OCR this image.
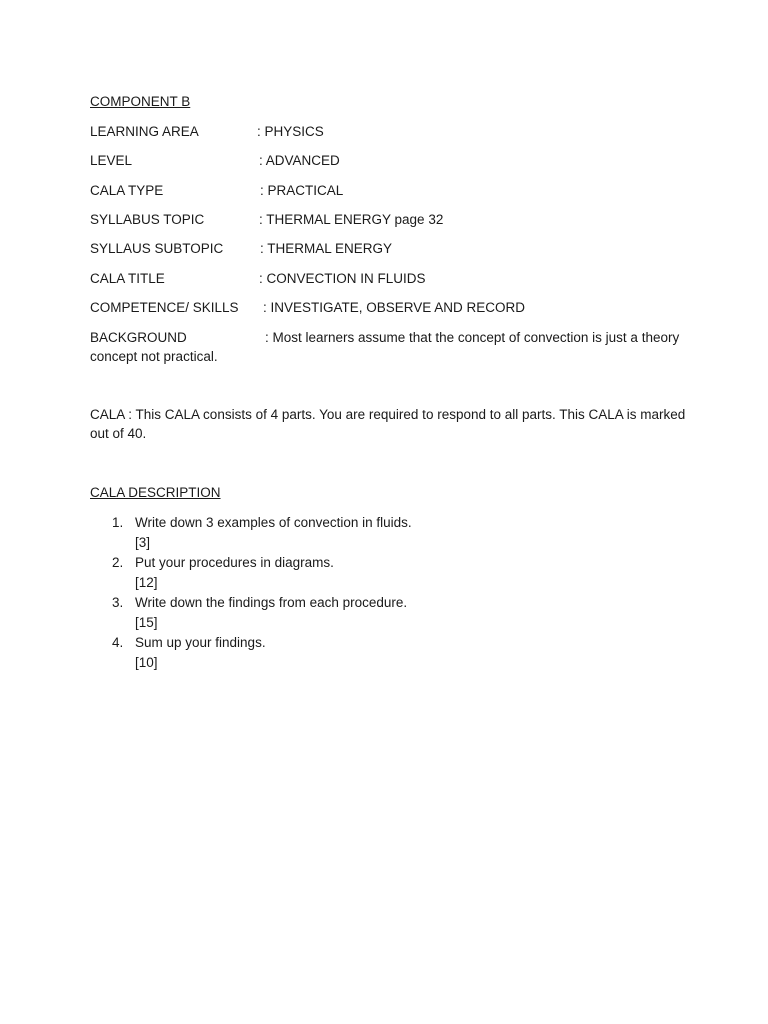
COMPONENT B
LEARNING AREA	: PHYSICS
LEVEL	: ADVANCED
CALA TYPE	: PRACTICAL
SYLLABUS TOPIC	: THERMAL ENERGY page 32
SYLLAUS SUBTOPIC	: THERMAL ENERGY
CALA TITLE	: CONVECTION IN FLUIDS
COMPETENCE/ SKILLS : INVESTIGATE, OBSERVE AND RECORD
BACKGROUND	: Most learners assume that the concept of convection is just a theory
concept not practical.
CALA : This CALA consists of 4 parts. You are required to respond to all parts. This CALA is marked
out of 40.
CALA DESCRIPTION
1. Write down 3 examples of convection in fluids.
[3]
2. Put your procedures in diagrams.
[12]
3. Write down the findings from each procedure.
[15]
4. Sum up your findings.
[10]
